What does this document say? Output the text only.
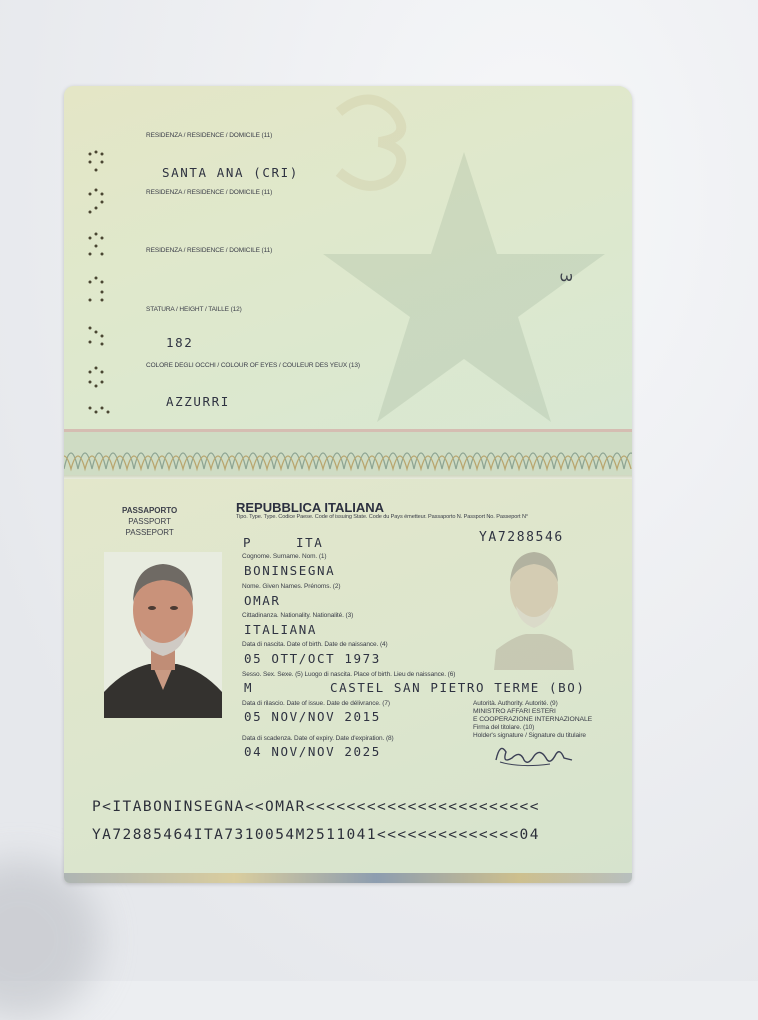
RESIDENZA / RESIDENCE / DOMICILE (11)
SANTA ANA (CRI)
RESIDENZA / RESIDENCE / DOMICILE (11)
RESIDENZA / RESIDENCE / DOMICILE (11)
STATURA / HEIGHT / TAILLE (12)
182
COLORE DEGLI OCCHI / COLOUR OF EYES / COULEUR DES YEUX (13)
AZZURRI
3
PASSAPORTO
PASSPORT
PASSEPORT
REPUBBLICA ITALIANA
Tipo. Type. Type. Codice Paese. Code of issuing State. Code du Pays émetteur. Passaporto N. Passport No. Passeport N°
P	ITA	YA7288546
Cognome. Surname. Nom. (1)
BONINSEGNA
Nome. Given Names. Prénoms. (2)
OMAR
Cittadinanza. Nationality. Nationalité. (3)
ITALIANA
Data di nascita. Date of birth. Date de naissance. (4)
05 OTT/OCT 1973
Sesso. Sex. Sexe. (5) Luogo di nascita. Place of birth. Lieu de naissance. (6)
M	CASTEL SAN PIETRO TERME (BO)
Data di rilascio. Date of issue. Date de délivrance. (7)
05 NOV/NOV 2015
Autorità. Authority. Autorité. (9)
MINISTRO AFFARI ESTERI
E COOPERAZIONE INTERNAZIONALE
Firma del titolare. (10)
Holder's signature / Signature du titulaire
Data di scadenza. Date of expiry. Date d'expiration. (8)
04 NOV/NOV 2025
P<ITABONINSEGNA<<OMAR<<<<<<<<<<<<<<<<<<<<<<<
YA72885464ITA7310054M2511041<<<<<<<<<<<<<<04
